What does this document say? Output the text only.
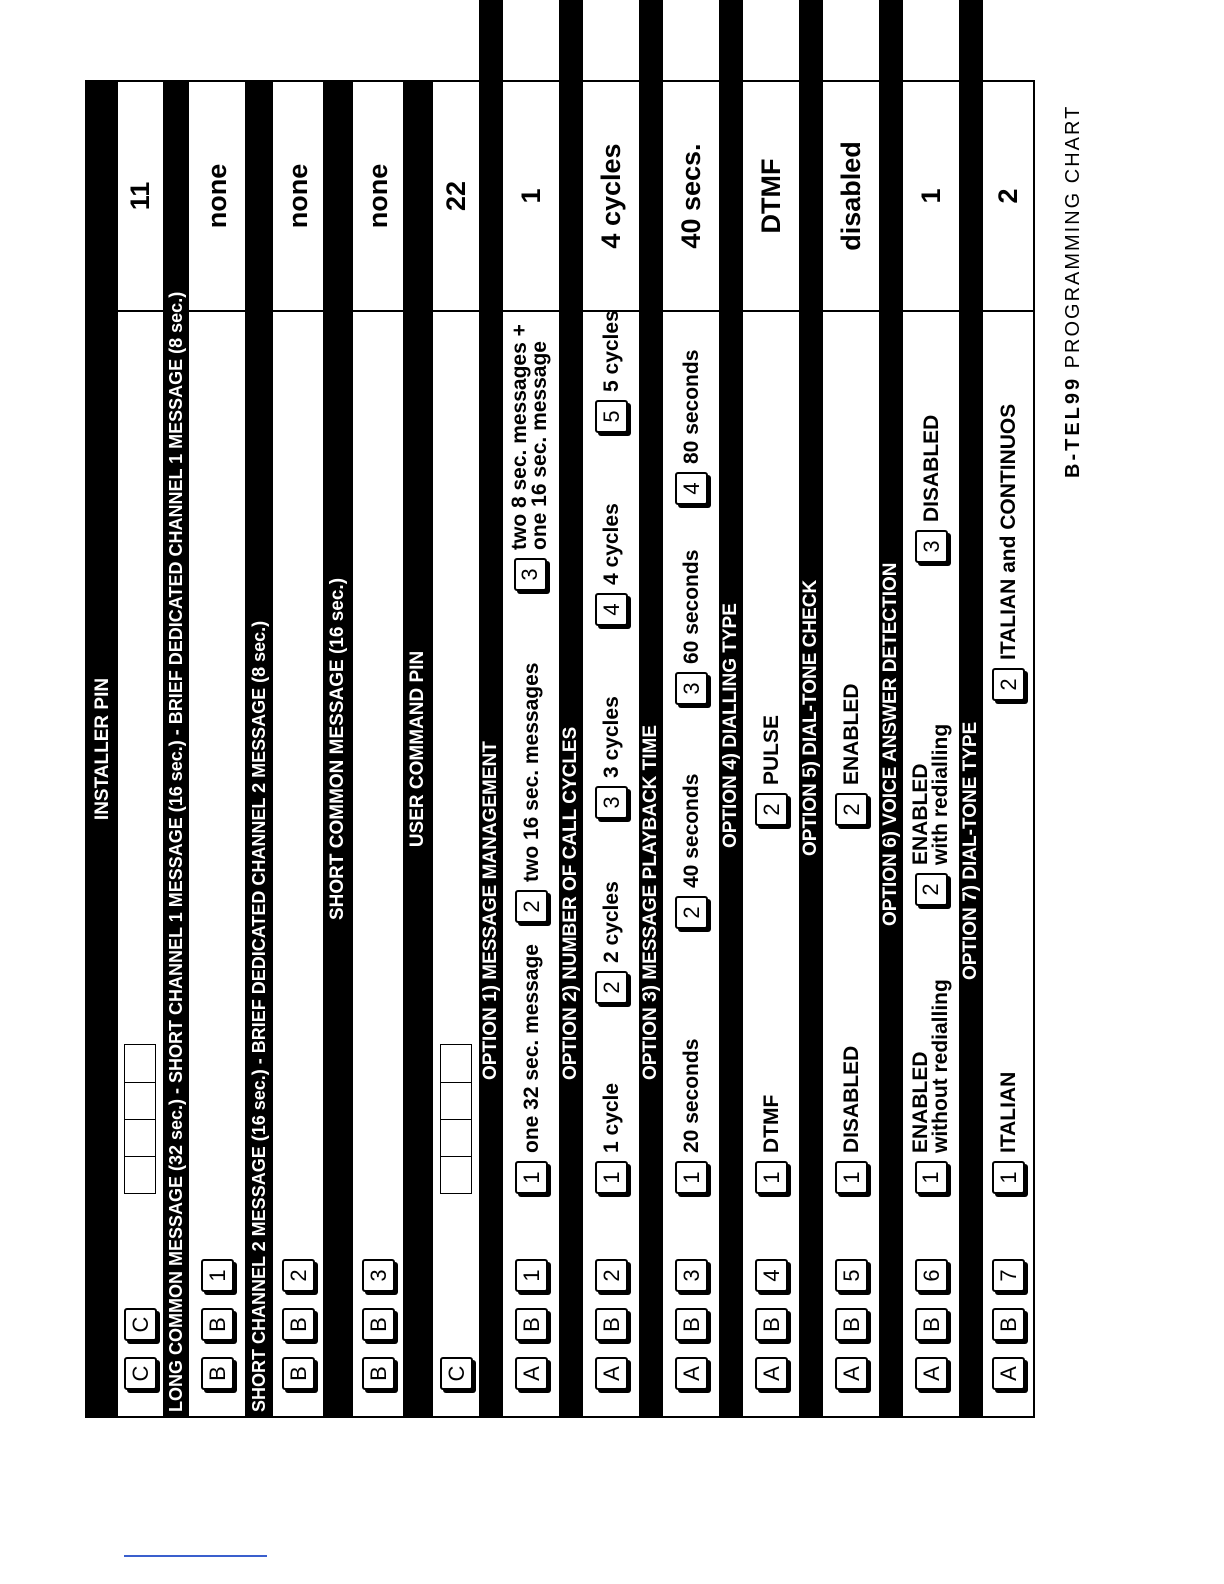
INSTALLER PIN
C
C
11
LONG COMMON MESSAGE (32 sec.) - SHORT CHANNEL 1 MESSAGE (16 sec.) - BRIEF DEDICATED CHANNEL 1 MESSAGE (8 sec.) B
B
1
none
SHORT CHANNEL 2 MESSAGE (16 sec.) - BRIEF DEDICATED CHANNEL 2 MESSAGE (8 sec.) B
B
2
none
SHORT COMMON MESSAGE (16 sec.)
B
B
3
none
USER COMMAND PIN
C
22
OPTION 1) MESSAGE MANAGEMENT
A
B
1
1
one 32 sec. message
2
two 16 sec. messages
3
two 8 sec. messages +
one 16 sec. message
1
OPTION 2) NUMBER OF CALL CYCLES
A
B
2
1
1 cycle
2
2 cycles
3
3 cycles
4
4 cycles
5
5 cycles
4 cycles
OPTION 3) MESSAGE PLAYBACK TIME
A
B
3
1
20 seconds
2
40 seconds
3
60 seconds
4
80 seconds
40 secs.
OPTION 4) DIALLING TYPE
A
B
4
1
DTMF
2
PULSE
DTMF
OPTION 5) DIAL-TONE CHECK
A
B
5
1
DISABLED
2
ENABLED
disabled
OPTION 6) VOICE ANSWER DETECTION
A
B
6
1
ENABLED
without redialling
2
ENABLED
with redialling
3
DISABLED
1
OPTION 7) DIAL-TONE TYPE
A
B
7
1
ITALIAN
2
ITALIAN and CONTINUOS
2
B-TEL99 PROGRAMMING CHART
